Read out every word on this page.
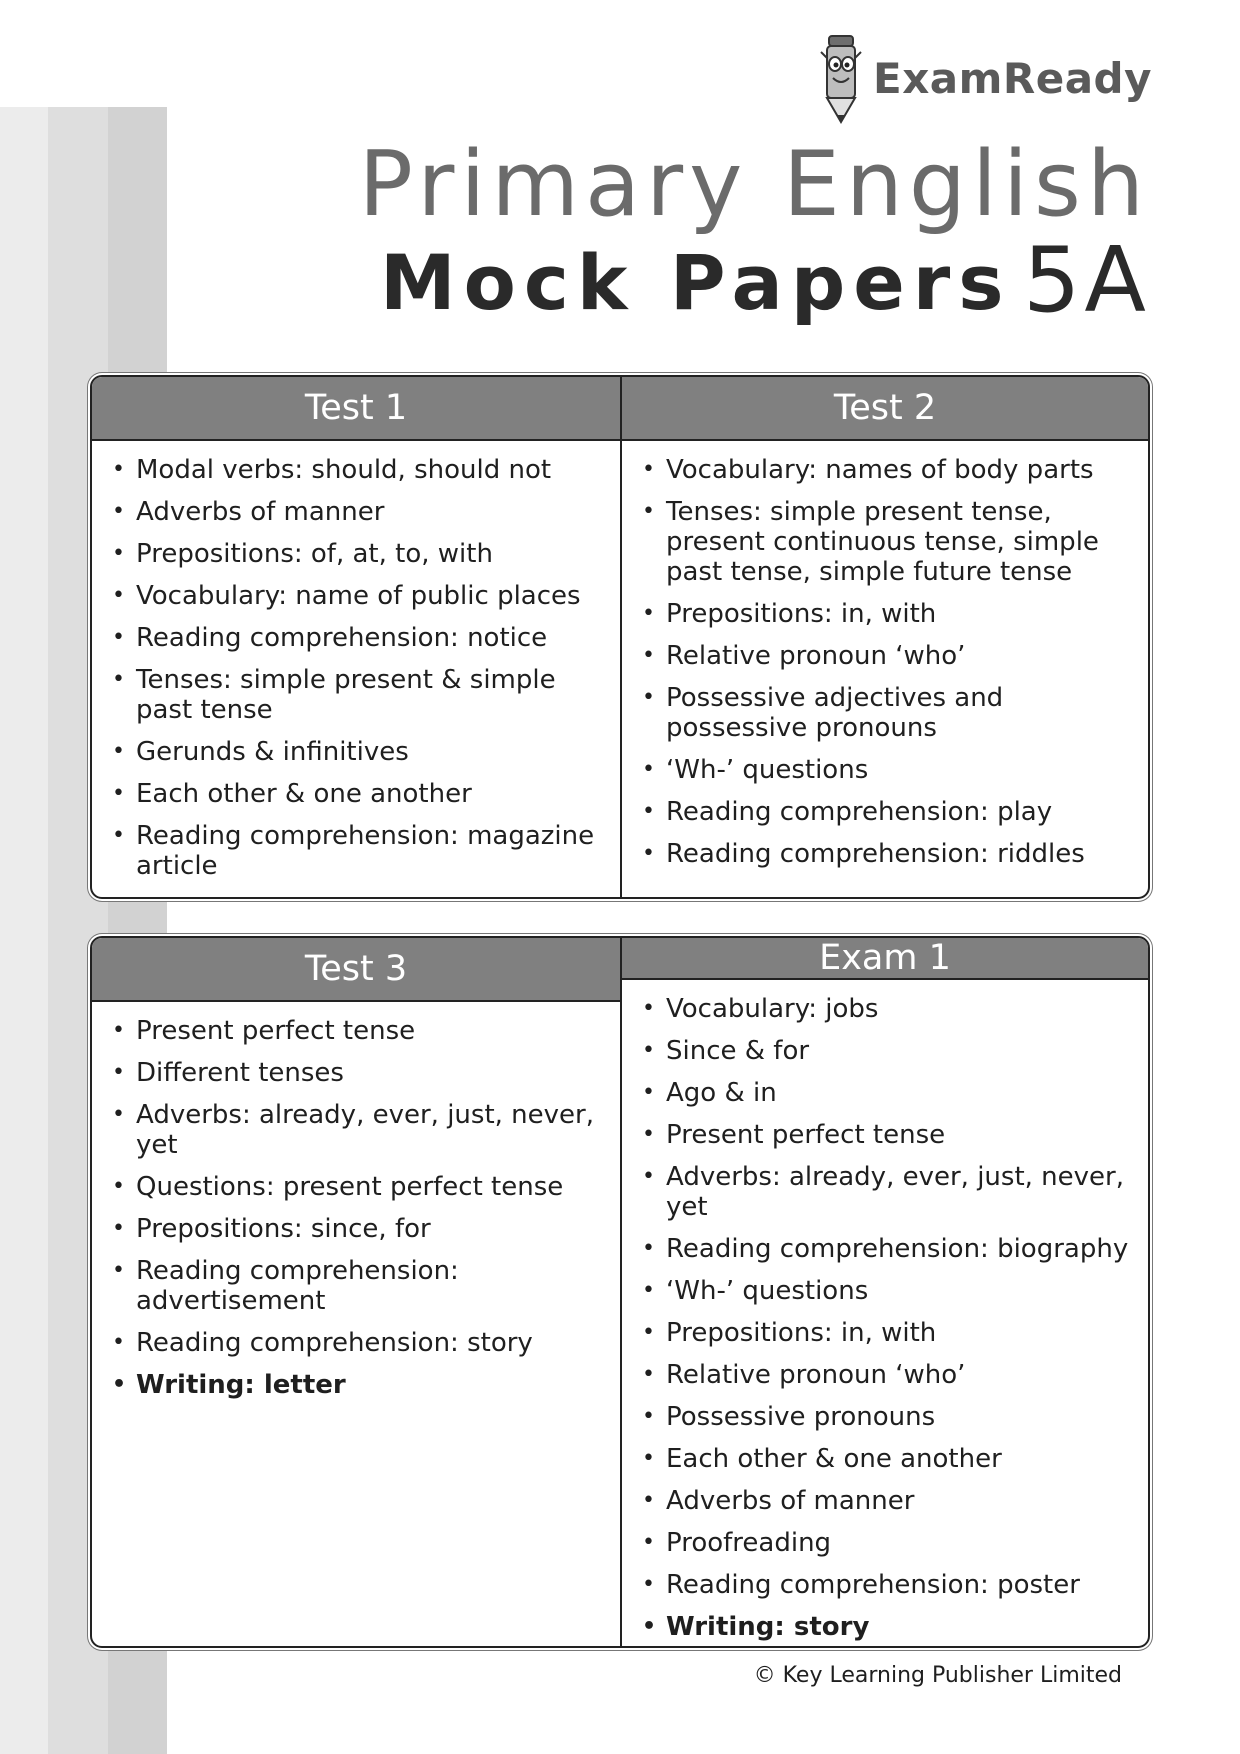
ExamReady
Primary English
Mock Papers 5A
Test 1
• Modal verbs: should, should not
• Adverbs of manner
• Prepositions: of, at, to, with
• Vocabulary: name of public places
• Reading comprehension: notice
• Tenses: simple present & simple past tense
• Gerunds & infinitives
• Each other & one another
• Reading comprehension: magazine article
Test 2
• Vocabulary: names of body parts
• Tenses: simple present tense, present continuous tense, simple past tense, simple future tense
• Prepositions: in, with
• Relative pronoun ‘who’
• Possessive adjectives and possessive pronouns
• ‘Wh-’ questions
• Reading comprehension: play
• Reading comprehension: riddles
Test 3
• Present perfect tense
• Different tenses
• Adverbs: already, ever, just, never, yet
• Questions: present perfect tense
• Prepositions: since, for
• Reading comprehension: advertisement
• Reading comprehension: story
• Writing: letter
Exam 1
• Vocabulary: jobs
• Since & for
• Ago & in
• Present perfect tense
• Adverbs: already, ever, just, never, yet
• Reading comprehension: biography
• ‘Wh-’ questions
• Prepositions: in, with
• Relative pronoun ‘who’
• Possessive pronouns
• Each other & one another
• Adverbs of manner
• Proofreading
• Reading comprehension: poster
• Writing: story
© Key Learning Publisher Limited
